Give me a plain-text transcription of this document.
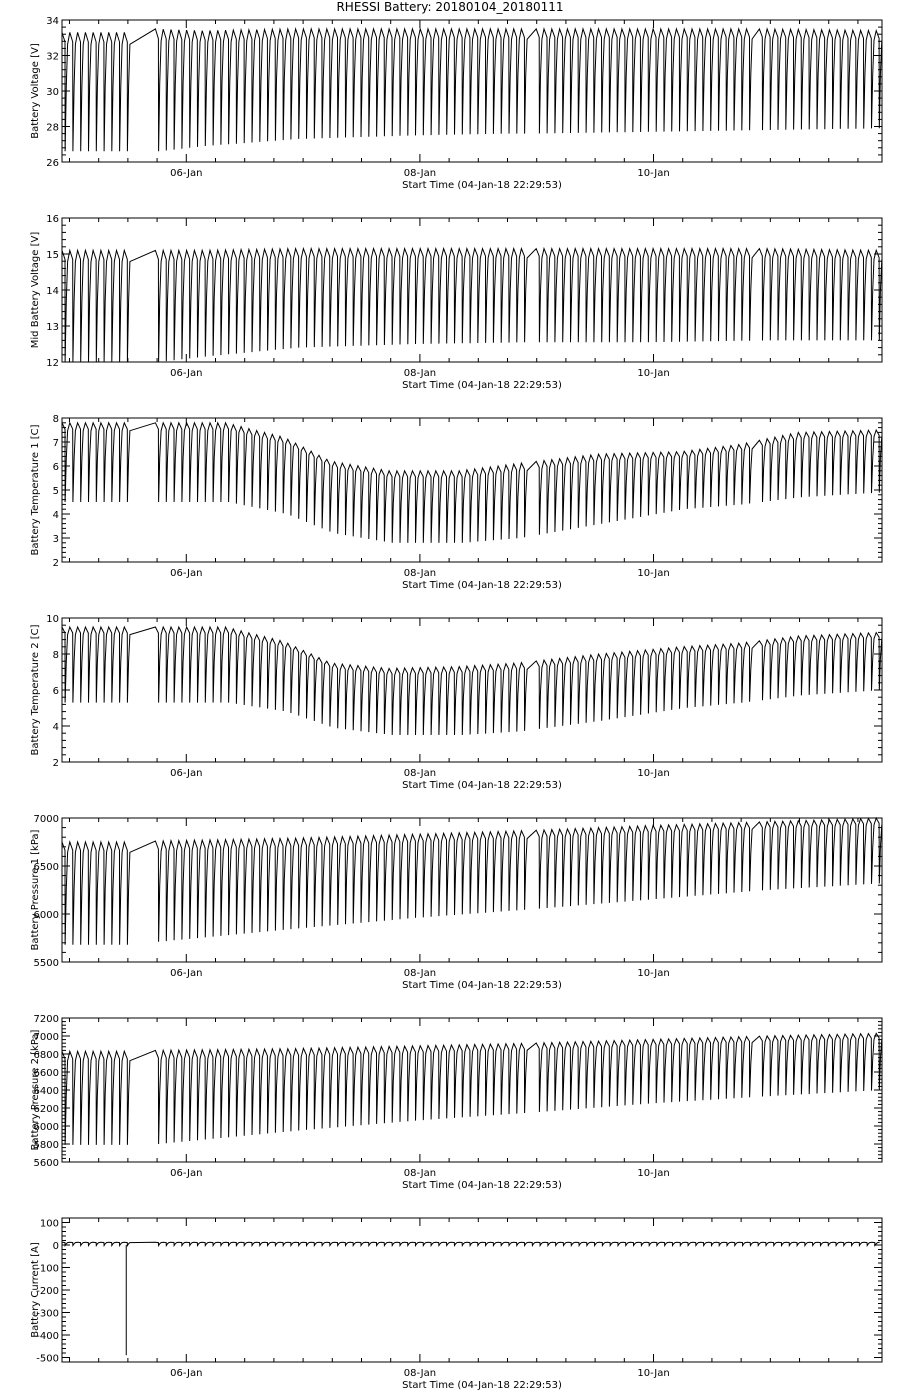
RHESSI Battery: 20180104_20180111
26
28
30
32
34
06-Jan	08-Jan	10-Jan
Start Time (04-Jan-18 22:29:53)
Battery Voltage [V]
12
13
14
15
16
06-Jan	08-Jan	10-Jan
Start Time (04-Jan-18 22:29:53)
Mid Battery Voltage [V]
2
3
4
5
6
7
8
06-Jan	08-Jan	10-Jan
Start Time (04-Jan-18 22:29:53)
Battery Temperature 1 [C]
2
4
6
8
10
06-Jan	08-Jan	10-Jan
Start Time (04-Jan-18 22:29:53)
Battery Temperature 2 [C]
5500
6000
6500
7000
06-Jan	08-Jan	10-Jan
Start Time (04-Jan-18 22:29:53)
Battery Pressure 1 [kPa]
5600
5800
6000
6200
6400
6600
6800
7000
7200
06-Jan	08-Jan	10-Jan
Start Time (04-Jan-18 22:29:53)
Battery Pressure 2 [kPa]
-500
-400
-300
-200
-100
0
100
06-Jan	08-Jan	10-Jan
Start Time (04-Jan-18 22:29:53)
Battery Current [A]
